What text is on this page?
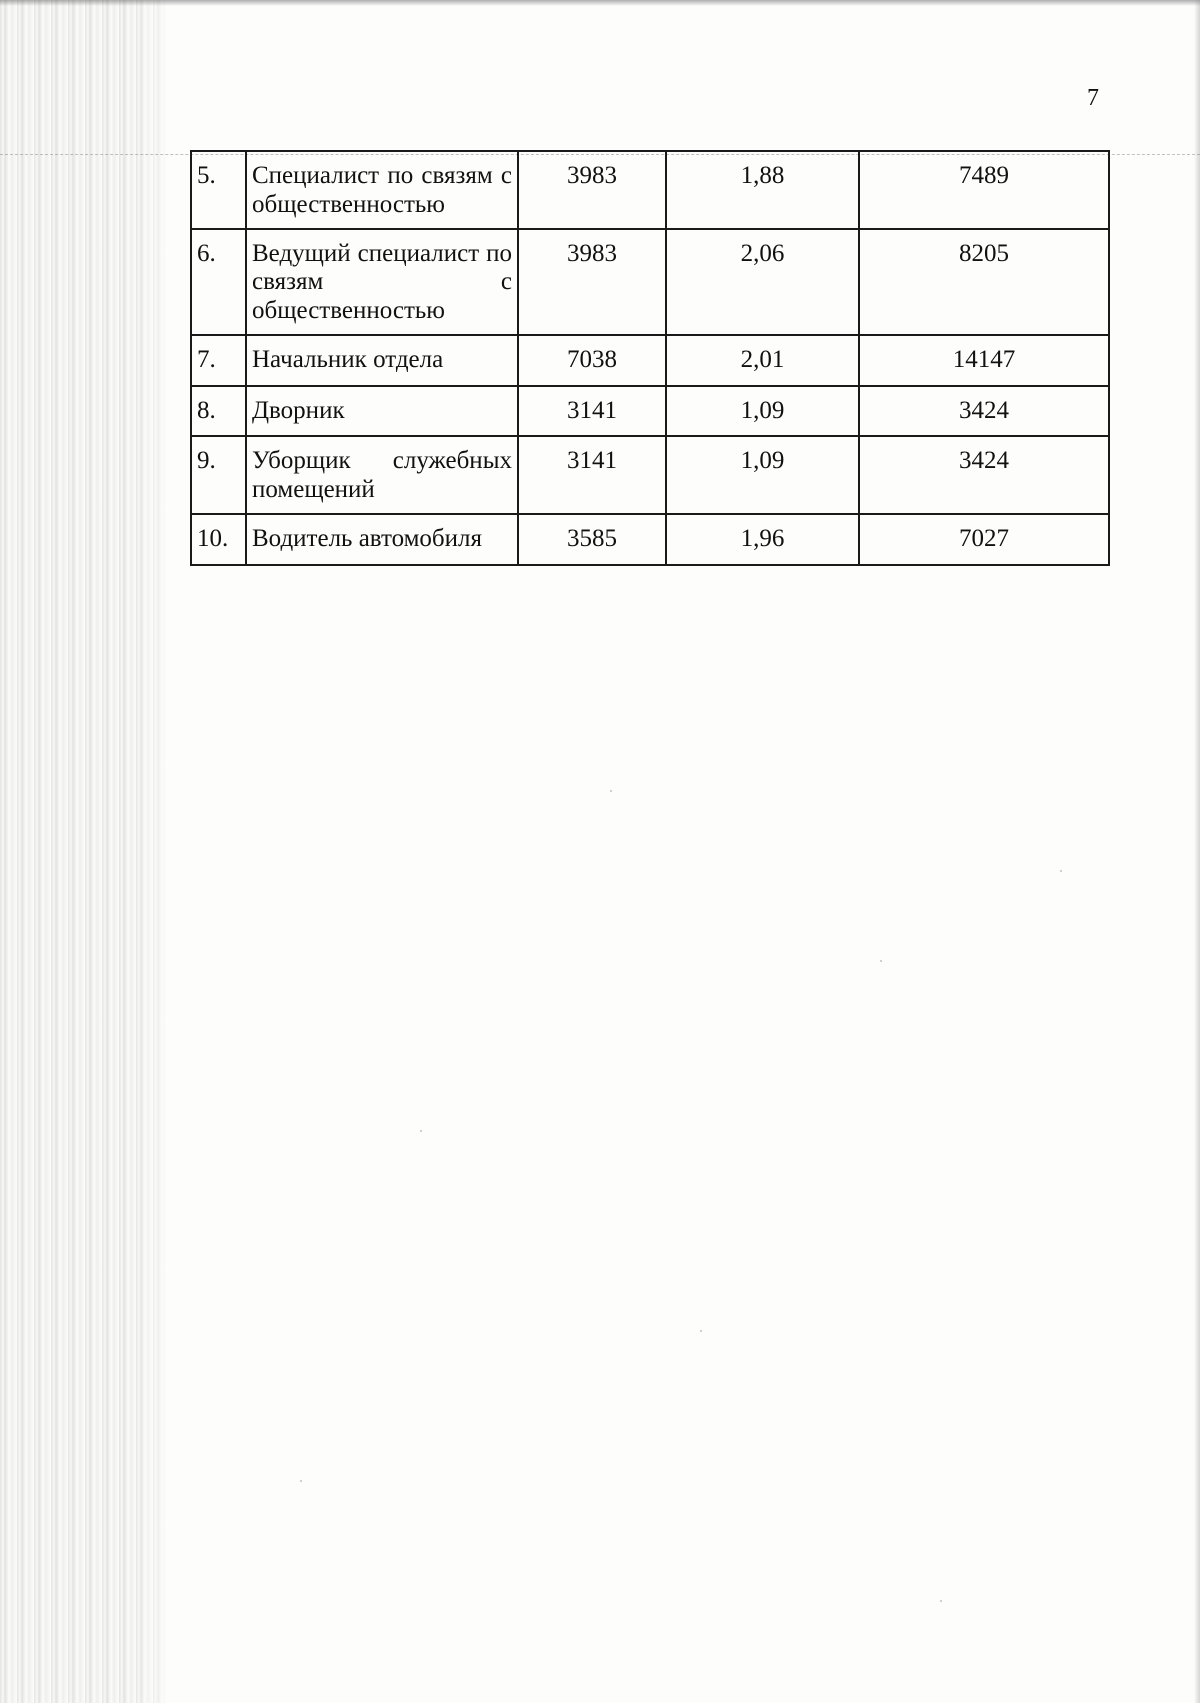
7
5.	Специалист по связям с общественностью	3983	1,88	7489
6.	Ведущий специалист по связям с общественностью	3983	2,06	8205
7.	Начальник отдела	7038	2,01	14147
8.	Дворник	3141	1,09	3424
9.	Уборщик служебных помещений	3141	1,09	3424
10.	Водитель автомобиля	3585	1,96	7027
